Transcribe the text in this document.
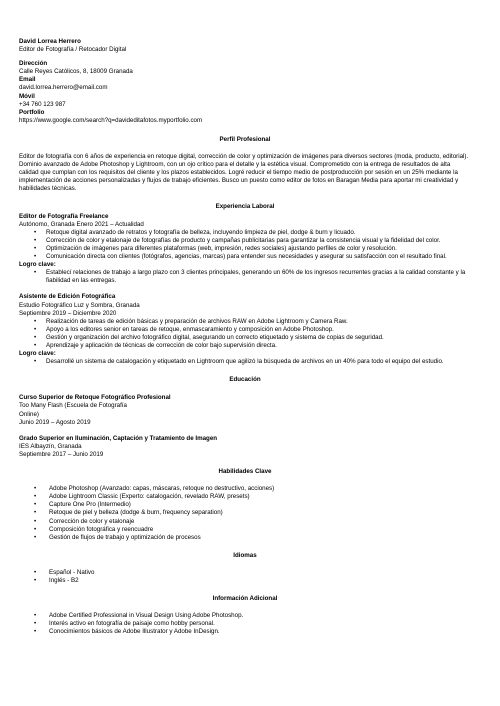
David Lorrea Herrero
Editor de Fotografía / Retocador Digital
Dirección
Calle Reyes Católicos, 8, 18009 Granada
Email
david.lorrea.herrero@email.com
Móvil
+34 760 123 987
Portfolio
https://www.google.com/search?q=davideditafotos.myportfolio.com
Perfil Profesional

Editor de fotografía con 6 años de experiencia en retoque digital, corrección de color y optimización de imágenes para diversos sectores (moda, producto, editorial). Dominio avanzado de Adobe Photoshop y Lightroom, con un ojo crítico para el detalle y la estética visual. Comprometido con la entrega de resultados de alta calidad que cumplan con los requisitos del cliente y los plazos establecidos. Logré reducir el tiempo medio de postproducción por sesión en un 25% mediante la implementación de acciones personalizadas y flujos de trabajo eficientes. Busco un puesto como editor de fotos en Baragan Media para aportar mi creatividad y habilidades técnicas.

Experiencia Laboral
Editor de Fotografía Freelance
Autónomo, Granada Enero 2021 – Actualidad
• Retoque digital avanzado de retratos y fotografía de belleza, incluyendo limpieza de piel, dodge & burn y licuado.
• Corrección de color y etalonaje de fotografías de producto y campañas publicitarias para garantizar la consistencia visual y la fidelidad del color.
• Optimización de imágenes para diferentes plataformas (web, impresión, redes sociales) ajustando perfiles de color y resolución.
• Comunicación directa con clientes (fotógrafos, agencias, marcas) para entender sus necesidades y asegurar su satisfacción con el resultado final.
Logro clave:
• Establecí relaciones de trabajo a largo plazo con 3 clientes principales, generando un 60% de los ingresos recurrentes gracias a la calidad constante y la fiabilidad en las entregas.
Asistente de Edición Fotográfica
Estudio Fotográfico Luz y Sombra, Granada
Septiembre 2019 – Diciembre 2020
• Realización de tareas de edición básicas y preparación de archivos RAW en Adobe Lightroom y Camera Raw.
• Apoyo a los editores senior en tareas de retoque, enmascaramiento y composición en Adobe Photoshop.
• Gestión y organización del archivo fotográfico digital, asegurando un correcto etiquetado y sistema de copias de seguridad.
• Aprendizaje y aplicación de técnicas de corrección de color bajo supervisión directa.
Logro clave:
• Desarrollé un sistema de catalogación y etiquetado en Lightroom que agilizó la búsqueda de archivos en un 40% para todo el equipo del estudio.
Educación
Curso Superior de Retoque Fotográfico Profesional
Too Many Flash (Escuela de Fotografía
Online)
Junio 2019 – Agosto 2019
Grado Superior en Iluminación, Captación y Tratamiento de Imagen
IES Albayzín, Granada
Septiembre 2017 – Junio 2019
Habilidades Clave
• Adobe Photoshop (Avanzado: capas, máscaras, retoque no destructivo, acciones)
• Adobe Lightroom Classic (Experto: catalogación, revelado RAW, presets)
• Capture One Pro (Intermedio)
• Retoque de piel y belleza (dodge & burn, frequency separation)
• Corrección de color y etalonaje
• Composición fotográfica y reencuadre
• Gestión de flujos de trabajo y optimización de procesos
Idiomas
• Español - Nativo
• Inglés - B2
Información Adicional
• Adobe Certified Professional in Visual Design Using Adobe Photoshop.
• Interés activo en fotografía de paisaje como hobby personal.
• Conocimientos básicos de Adobe Illustrator y Adobe InDesign.
